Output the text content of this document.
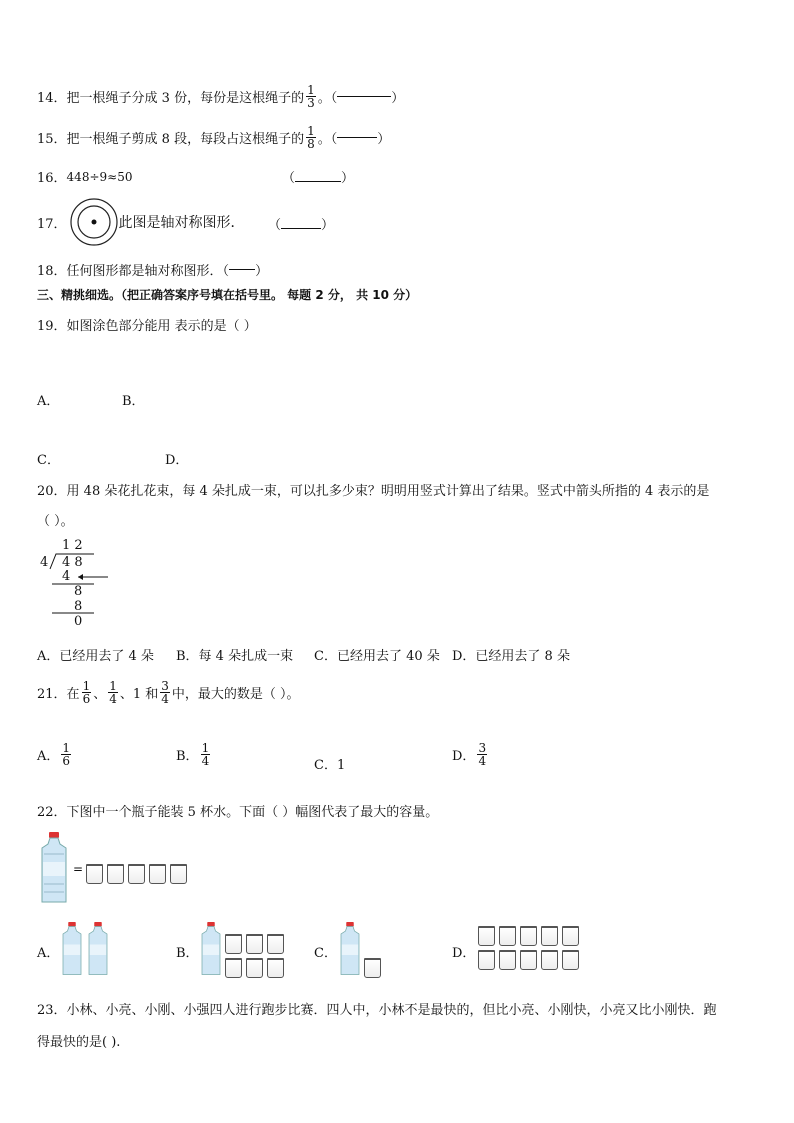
14． 把一根绳子分成 3 份，每份是这根绳子的 $\frac{1}{3}$ 。（	）
15． 把一根绳子剪成 8 段，每段占这根绳子的 $\frac{1}{8}$ 。（	）
16． 448÷9≈50	（	）
17．	此图是轴对称图形． （	）
18． 任何图形都是轴对称图形．（ ）
三、精挑细选。（把正确答案序号填在括号里。 每题 2 分， 共 10 分）
19． 如图涂色部分能用 表示的是（ ）
A．	B．
C．	D．
20． 用 48 朵花扎花束，每 4 朵扎成一束，可以扎多少束？明明用竖式计算出了结果。竖式中箭头所指的 4 表示的是
（ ）。
1 2
4 4 8
4
8
8
0
A．已经用去了 4 朵 B．每 4 朵扎成一束 C．已经用去了 40 朵 D．已经用去了 8 朵
21． 在 $\frac{1}{6}$ 、 $\frac{1}{4}$ 、1 和 $\frac{3}{4}$ 中，最大的数是（ ）。
A． $\frac{1}{6}$	B． $\frac{1}{4}$	C．1
D． $\frac{3}{4}$
22． 下图中一个瓶子能装 5 杯水。下面（ ）幅图代表了最大的容量。
=
A．	B．	C．	D．
23． 小林、小亮、小刚、小强四人进行跑步比赛．四人中，小林不是最快的，但比小亮、小刚快，小亮又比小刚快．跑
得最快的是( ).
